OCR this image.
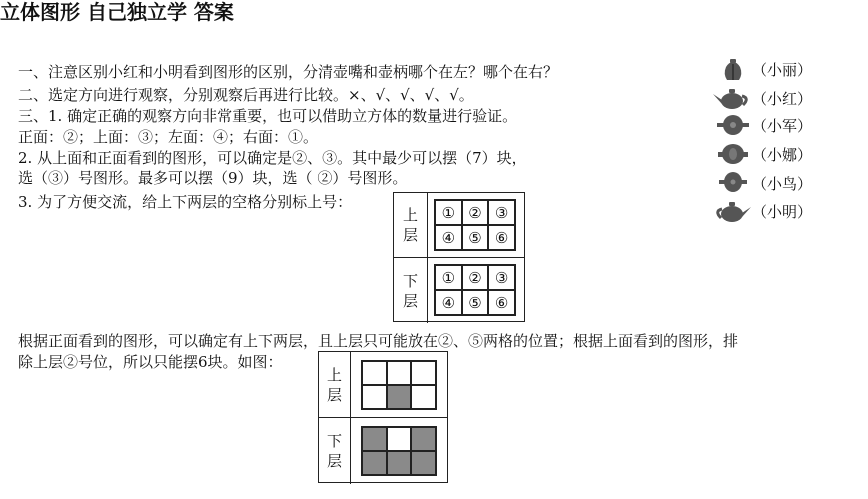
立体图形 自己独立学 答案
一、注意区别小红和小明看到图形的区别，分清壶嘴和壶柄哪个在左？哪个在右？
二、选定方向进行观察，分别观察后再进行比较。×、√、√、√、√。
三、1. 确定正确的观察方向非常重要，也可以借助立方体的数量进行验证。
正面：②；上面：③；左面：④；右面：①。
2. 从上面和正面看到的图形，可以确定是②、③。其中最少可以摆（7）块，
选（③）号图形。最多可以摆（9）块，选（ ②）号图形。
3. 为了方便交流，给上下两层的空格分别标上号：
根据正面看到的图形，可以确定有上下两层，且上层只可能放在②、⑤两格的位置；根据上面看到的图形，排
除上层②号位，所以只能摆6块。如图：
（小丽）
（小红）
（小军）
（小娜）
（小鸟）
（小明）
上
层
① ② ③
④ ⑤ ⑥
下
层
① ② ③
④ ⑤ ⑥
上
层
下
层
